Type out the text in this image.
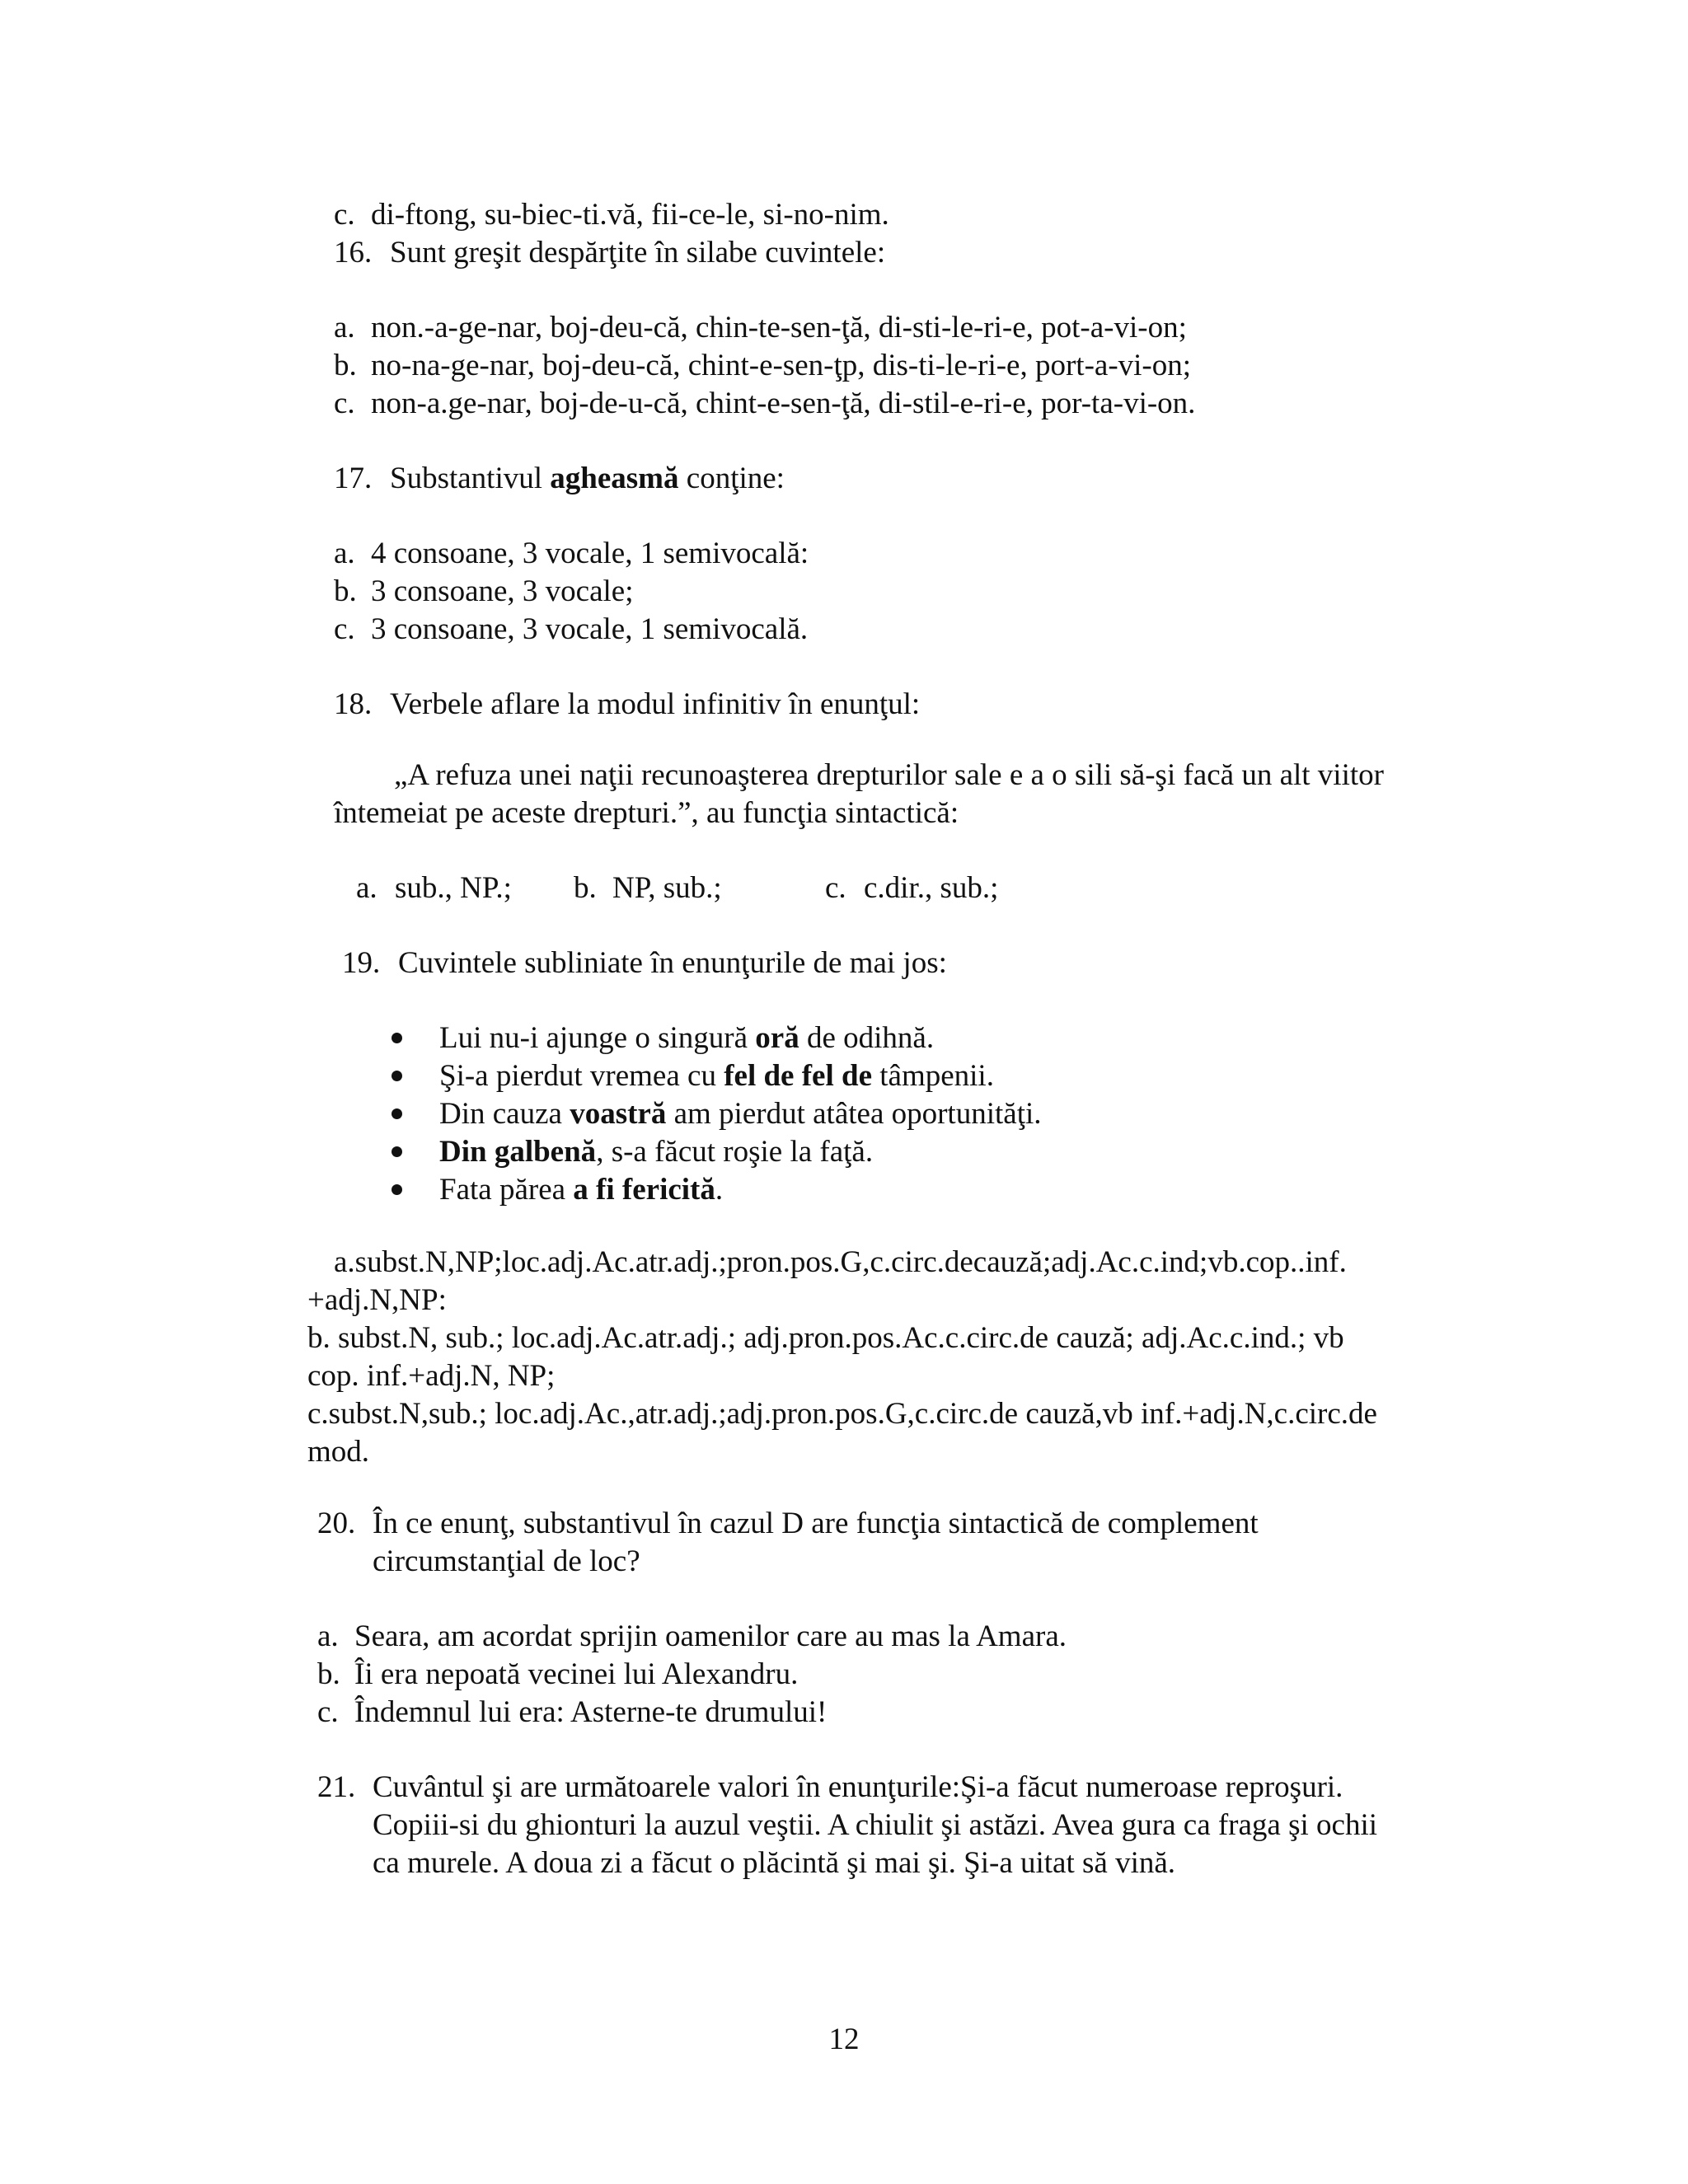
c. di-ftong, su-biec-ti.vă, fii-ce-le, si-no-nim.
16. Sunt greşit despărţite în silabe cuvintele:
a. non.-a-ge-nar, boj-deu-că, chin-te-sen-ţă, di-sti-le-ri-e, pot-a-vi-on;
b. no-na-ge-nar, boj-deu-că, chint-e-sen-ţp, dis-ti-le-ri-e, port-a-vi-on;
c. non-a.ge-nar, boj-de-u-că, chint-e-sen-ţă, di-stil-e-ri-e, por-ta-vi-on.
17. Substantivul agheasmă conţine:
a. 4 consoane, 3 vocale, 1 semivocală:
b. 3 consoane, 3 vocale;
c. 3 consoane, 3 vocale, 1 semivocală.
18. Verbele aflare la modul infinitiv în enunţul:
„A refuza unei naţii recunoaşterea drepturilor sale e a o sili să-şi facă un alt viitor
întemeiat pe aceste drepturi.”, au funcţia sintactică:
a. sub., NP.; b. NP, sub.;	c. c.dir., sub.;
19. Cuvintele subliniate în enunţurile de mai jos:
Lui nu-i ajunge o singură oră de odihnă.
Şi-a pierdut vremea cu fel de fel de tâmpenii.
Din cauza voastră am pierdut atâtea oportunităţi.
Din galbenă, s-a făcut roşie la faţă.
Fata părea a fi fericită.
a.subst.N,NP;loc.adj.Ac.atr.adj.;pron.pos.G,c.circ.decauză;adj.Ac.c.ind;vb.cop..inf.
+adj.N,NP:
b. subst.N, sub.; loc.adj.Ac.atr.adj.; adj.pron.pos.Ac.c.circ.de cauză; adj.Ac.c.ind.; vb
cop. inf.+adj.N, NP;
c.subst.N,sub.; loc.adj.Ac.,atr.adj.;adj.pron.pos.G,c.circ.de cauză,vb inf.+adj.N,c.circ.de
mod.
20. În ce enunţ, substantivul în cazul D are funcţia sintactică de complement
circumstanţial de loc?
a. Seara, am acordat sprijin oamenilor care au mas la Amara.
b. Îi era nepoată vecinei lui Alexandru.
c. Îndemnul lui era: Asterne-te drumului!
21. Cuvântul şi are următoarele valori în enunţurile:Şi-a făcut numeroase reproşuri.
Copiii-si du ghionturi la auzul veştii. A chiulit şi astăzi. Avea gura ca fraga şi ochii
ca murele. A doua zi a făcut o plăcintă şi mai şi. Şi-a uitat să vină.
12
